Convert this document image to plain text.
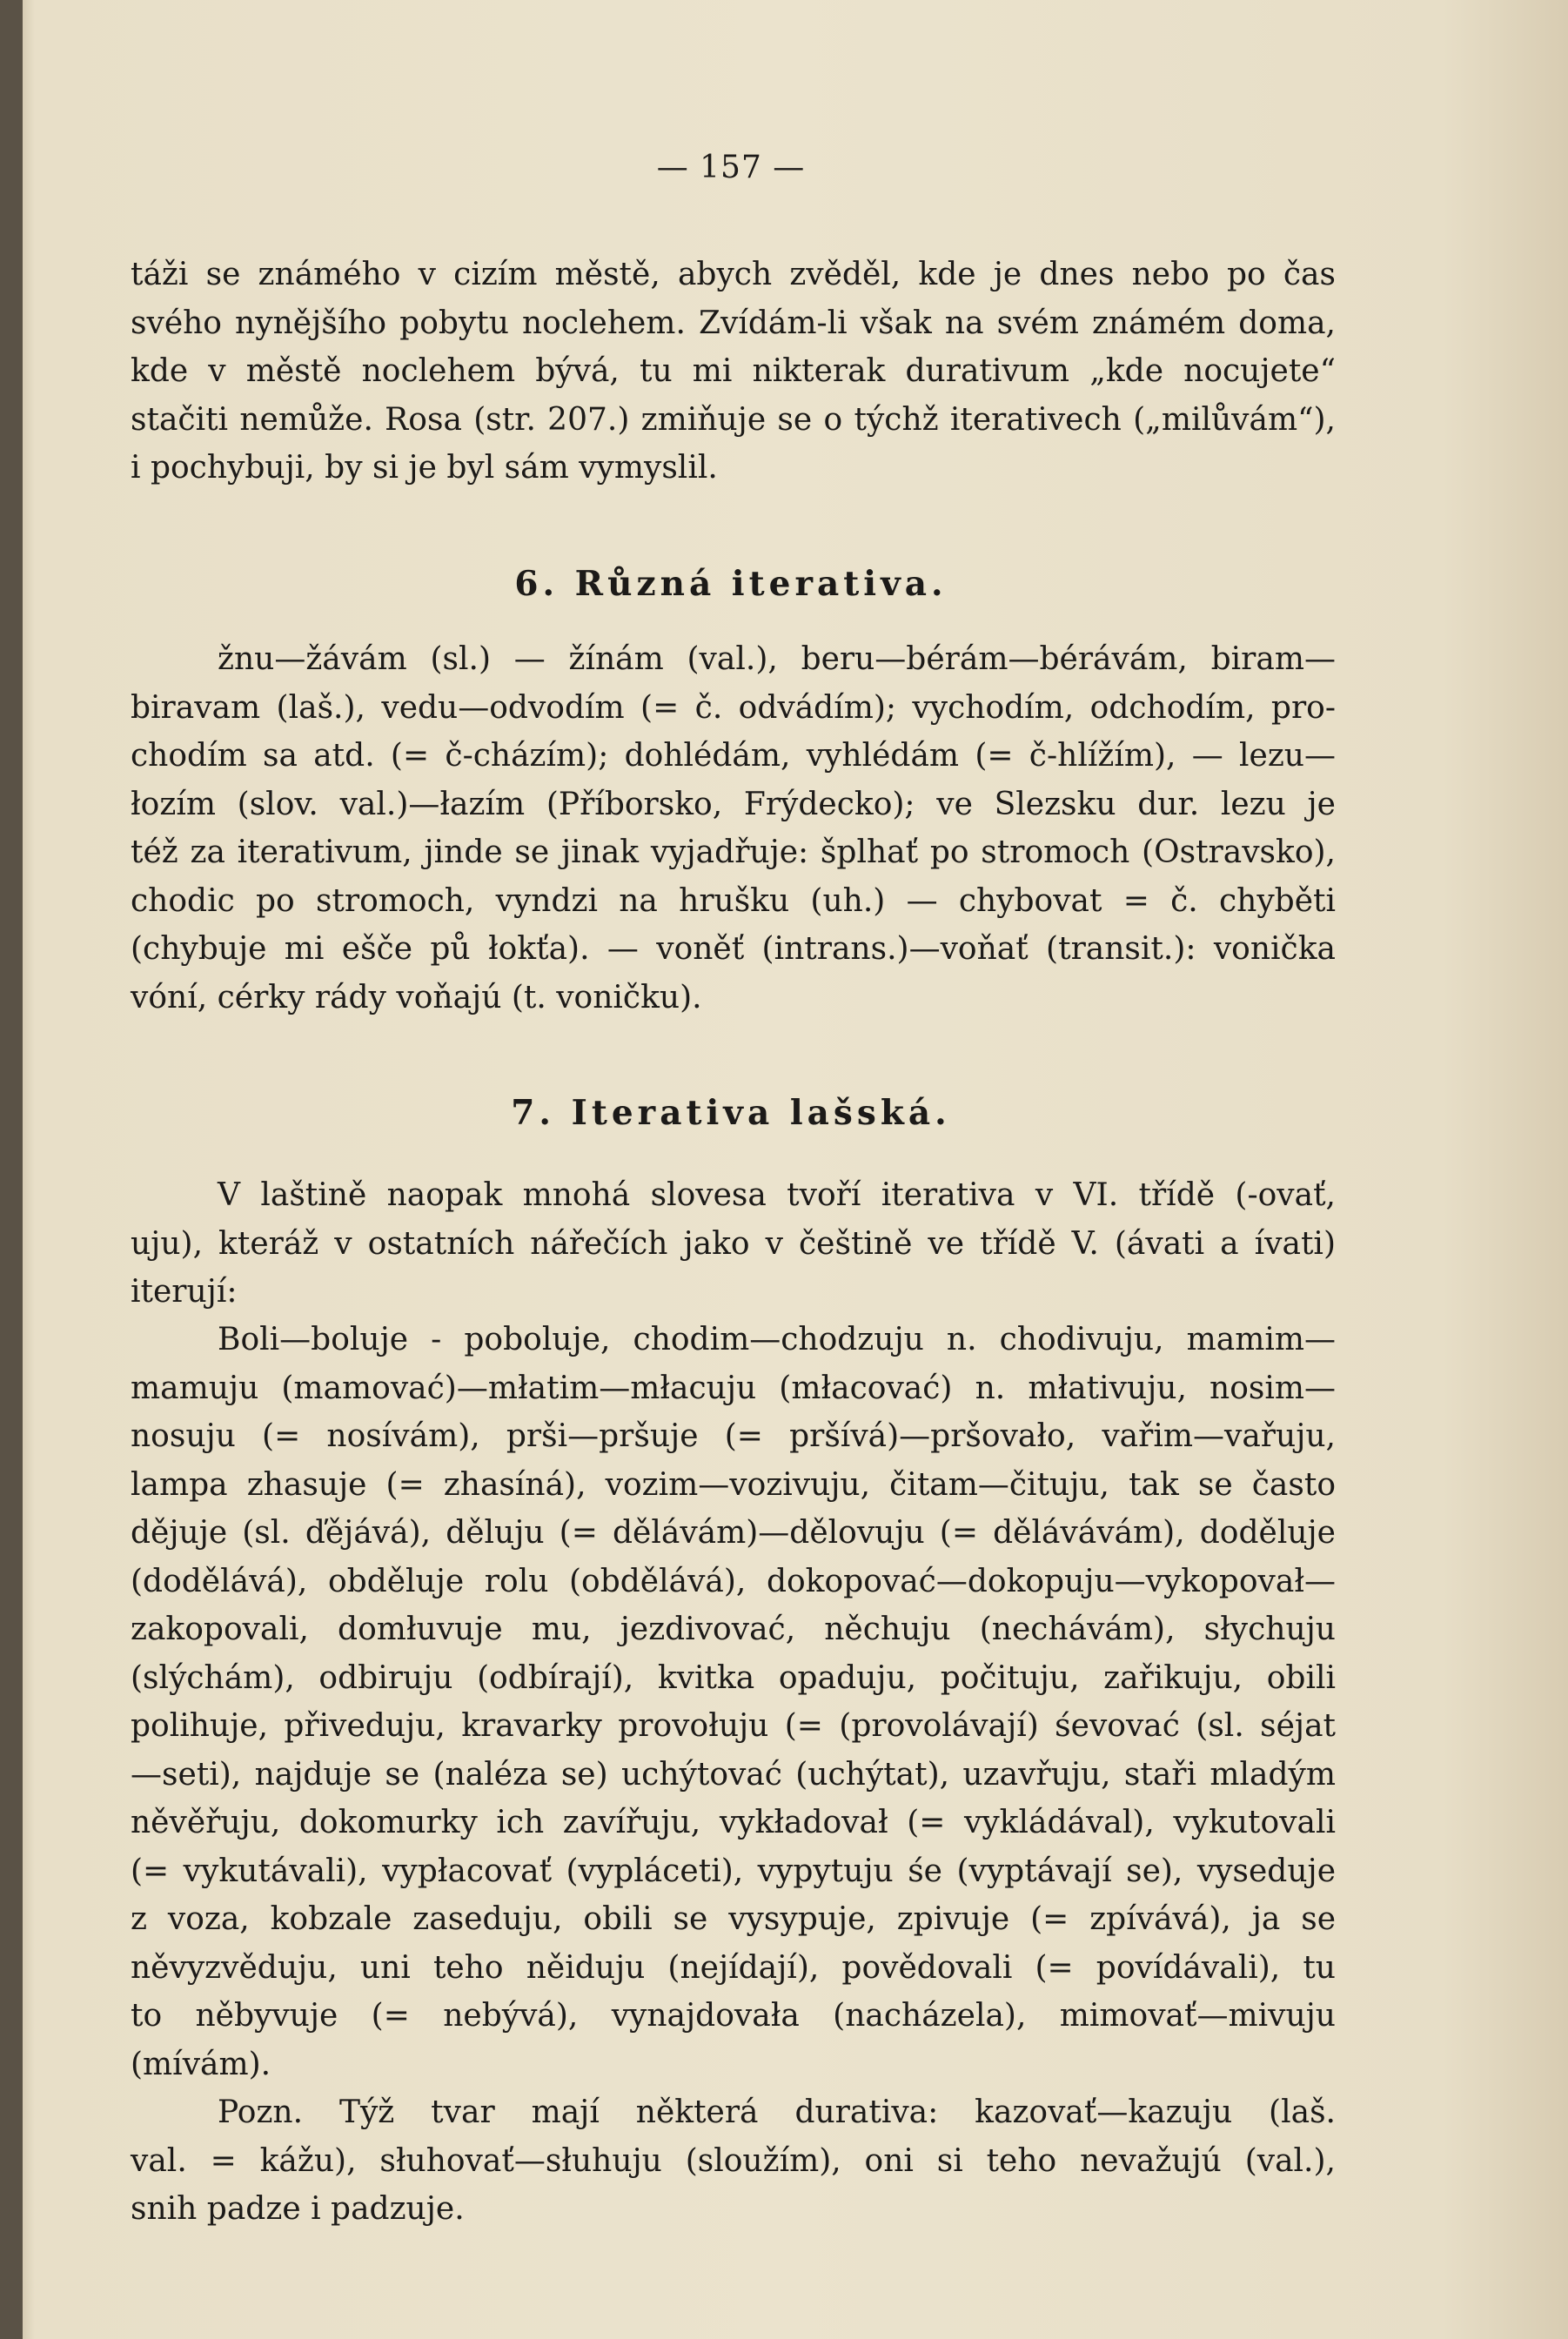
— 157 —
táži se známého v cizím městě, abych zvěděl, kde je dnes nebo po čas
svého nynějšího pobytu noclehem. Zvídám-li však na svém známém doma,
kde v městě noclehem bývá, tu mi nikterak durativum „kde nocujete“
stačiti nemůže. Rosa (str. 207.) zmiňuje se o týchž iterativech („milůvám“),
i pochybuji, by si je byl sám vymyslil.
6. Různá iterativa.
žnu—žávám (sl.) — žínám (val.), beru—bérám—bérávám, biram—
biravam (laš.), vedu—odvodím (= č. odvádím); vychodím, odchodím, pro-
chodím sa atd. (= č-cházím); dohlédám, vyhlédám (= č-hlížím), — lezu—
łozím (slov. val.)—łazím (Příborsko, Frýdecko); ve Slezsku dur. lezu je
též za iterativum, jinde se jinak vyjadřuje: šplhať po stromoch (Ostravsko),
chodic po stromoch, vyndzi na hrušku (uh.) — chybovat = č. chyběti
(chybuje mi ešče pů łokťa). — voněť (intrans.)—voňať (transit.): vonička
vóní, cérky rády voňajú (t. voničku).
7. Iterativa lašská.
V laštině naopak mnohá slovesa tvoří iterativa v VI. třídě (-ovať,
uju), kteráž v ostatních nářečích jako v češtině ve třídě V. (ávati a ívati)
iterují:
Boli—boluje - poboluje, chodim—chodzuju n. chodivuju, mamim—
mamuju (mamovać)—młatim—młacuju (młacovać) n. młativuju, nosim—
nosuju (= nosívám), prši—pršuje (= pršívá)—pršovało, vařim—vařuju,
lampa zhasuje (= zhasíná), vozim—vozivuju, čitam—čituju, tak se často
dějuje (sl. ďějává), děluju (= dělávám)—dělovuju (= dělávávám), doděluje
(dodělává), obděluje rolu (obdělává), dokopovać—dokopuju—vykopovał—
zakopovali, domłuvuje mu, jezdivovać, něchuju (nechávám), słychuju
(slýchám), odbiruju (odbírají), kvitka opaduju, počituju, zařikuju, obili
polihuje, přiveduju, kravarky provołuju (= (provolávají) śevovać (sl. séjat
—seti), najduje se (naléza se) uchýtovać (uchýtat), uzavřuju, staři mladým
něvěřuju, dokomurky ich zavířuju, vykładovał (= vykládával), vykutovali
(= vykutávali), vypłacovať (vypláceti), vypytuju śe (vyptávají se), vyseduje
z voza, kobzale zaseduju, obili se vysypuje, zpivuje (= zpívává), ja se
něvyzvěduju, uni teho něiduju (nejídají), povědovali (= povídávali), tu
to něbyvuje (= nebývá), vynajdovała (nacházela), mimovať—mivuju
(mívám).
Pozn. Týž tvar mají některá durativa: kazovať—kazuju (laš.
val. = kážu), słuhovať—słuhuju (sloužím), oni si teho nevažujú (val.),
snih padze i padzuje.
